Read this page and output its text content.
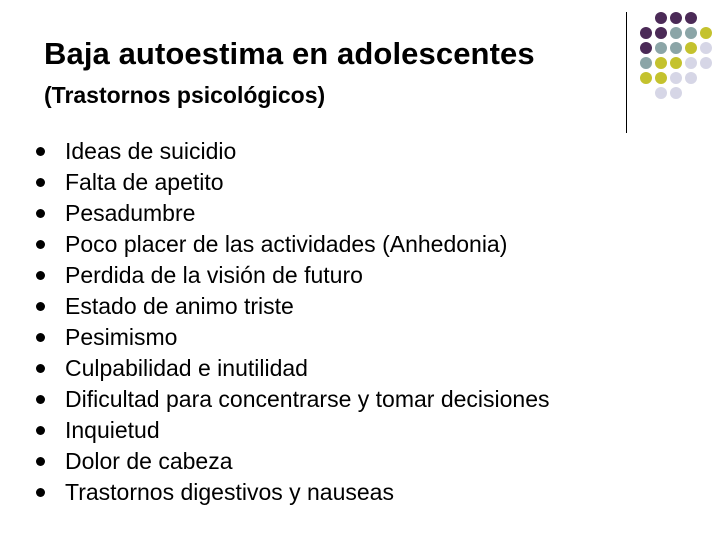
Baja autoestima en adolescentes
(Trastornos psicológicos)
Ideas de suicidio
Falta de apetito
Pesadumbre
Poco placer de las actividades (Anhedonia)
Perdida de la visión de futuro
Estado de animo triste
Pesimismo
Culpabilidad e inutilidad
Dificultad para concentrarse y tomar decisiones
Inquietud
Dolor de cabeza
Trastornos digestivos y nauseas
